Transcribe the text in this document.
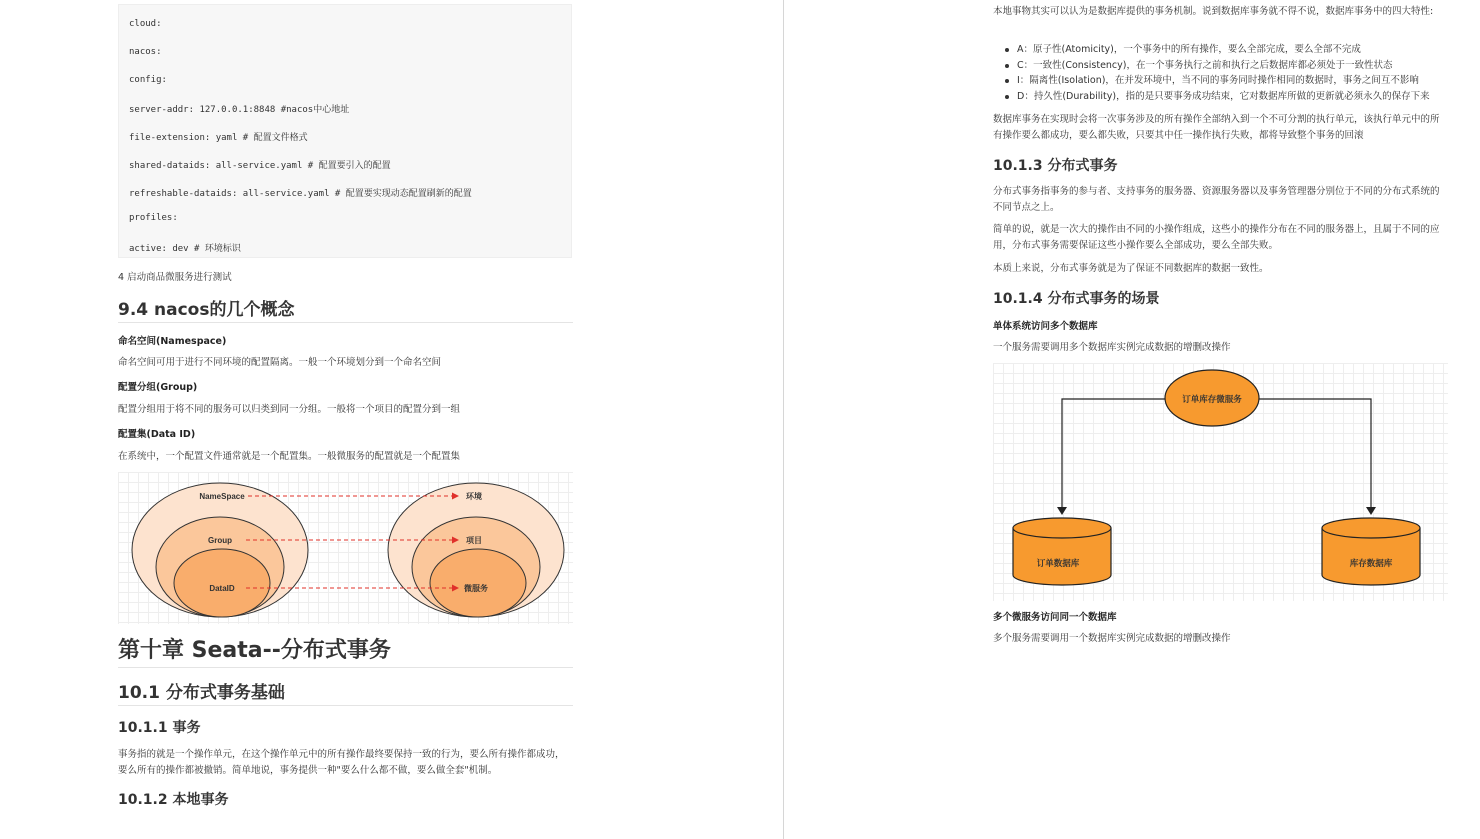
cloud:
nacos:
config:
server-addr: 127.0.0.1:8848 #nacos中心地址
file-extension: yaml # 配置文件格式
shared-dataids: all-service.yaml # 配置要引入的配置
refreshable-dataids: all-service.yaml # 配置要实现动态配置刷新的配置
profiles:
active: dev # 环境标识
4 启动商品微服务进行测试
9.4 nacos的几个概念
命名空间(Namespace)
命名空间可用于进行不同环境的配置隔离。一般一个环境划分到一个命名空间
配置分组(Group)
配置分组用于将不同的服务可以归类到同一分组。一般将一个项目的配置分到一组
配置集(Data ID)
在系统中，一个配置文件通常就是一个配置集。一般微服务的配置就是一个配置集
NameSpace
Group
DataID
环境
项目
微服务
第十章 Seata--分布式事务
10.1 分布式事务基础
10.1.1 事务
事务指的就是一个操作单元，在这个操作单元中的所有操作最终要保持一致的行为，要么所有操作都成功，要么所有的操作都被撤销。简单地说，事务提供一种"要么什么都不做，要么做全套"机制。
10.1.2 本地事务
本地事物其实可以认为是数据库提供的事务机制。说到数据库事务就不得不说，数据库事务中的四大特性:
A：原子性(Atomicity)，一个事务中的所有操作，要么全部完成，要么全部不完成
C：一致性(Consistency)，在一个事务执行之前和执行之后数据库都必须处于一致性状态
I：隔离性(Isolation)，在并发环境中，当不同的事务同时操作相同的数据时，事务之间互不影响
D：持久性(Durability)，指的是只要事务成功结束，它对数据库所做的更新就必须永久的保存下来
数据库事务在实现时会将一次事务涉及的所有操作全部纳入到一个不可分割的执行单元，该执行单元中的所有操作要么都成功，要么都失败，只要其中任一操作执行失败，都将导致整个事务的回滚
10.1.3 分布式事务
分布式事务指事务的参与者、支持事务的服务器、资源服务器以及事务管理器分别位于不同的分布式系统的不同节点之上。
简单的说，就是一次大的操作由不同的小操作组成，这些小的操作分布在不同的服务器上，且属于不同的应用，分布式事务需要保证这些小操作要么全部成功，要么全部失败。
本质上来说，分布式事务就是为了保证不同数据库的数据一致性。
10.1.4 分布式事务的场景
单体系统访问多个数据库
一个服务需要调用多个数据库实例完成数据的增删改操作
订单库存微服务
订单数据库	库存数据库
多个微服务访问同一个数据库
多个服务需要调用一个数据库实例完成数据的增删改操作
